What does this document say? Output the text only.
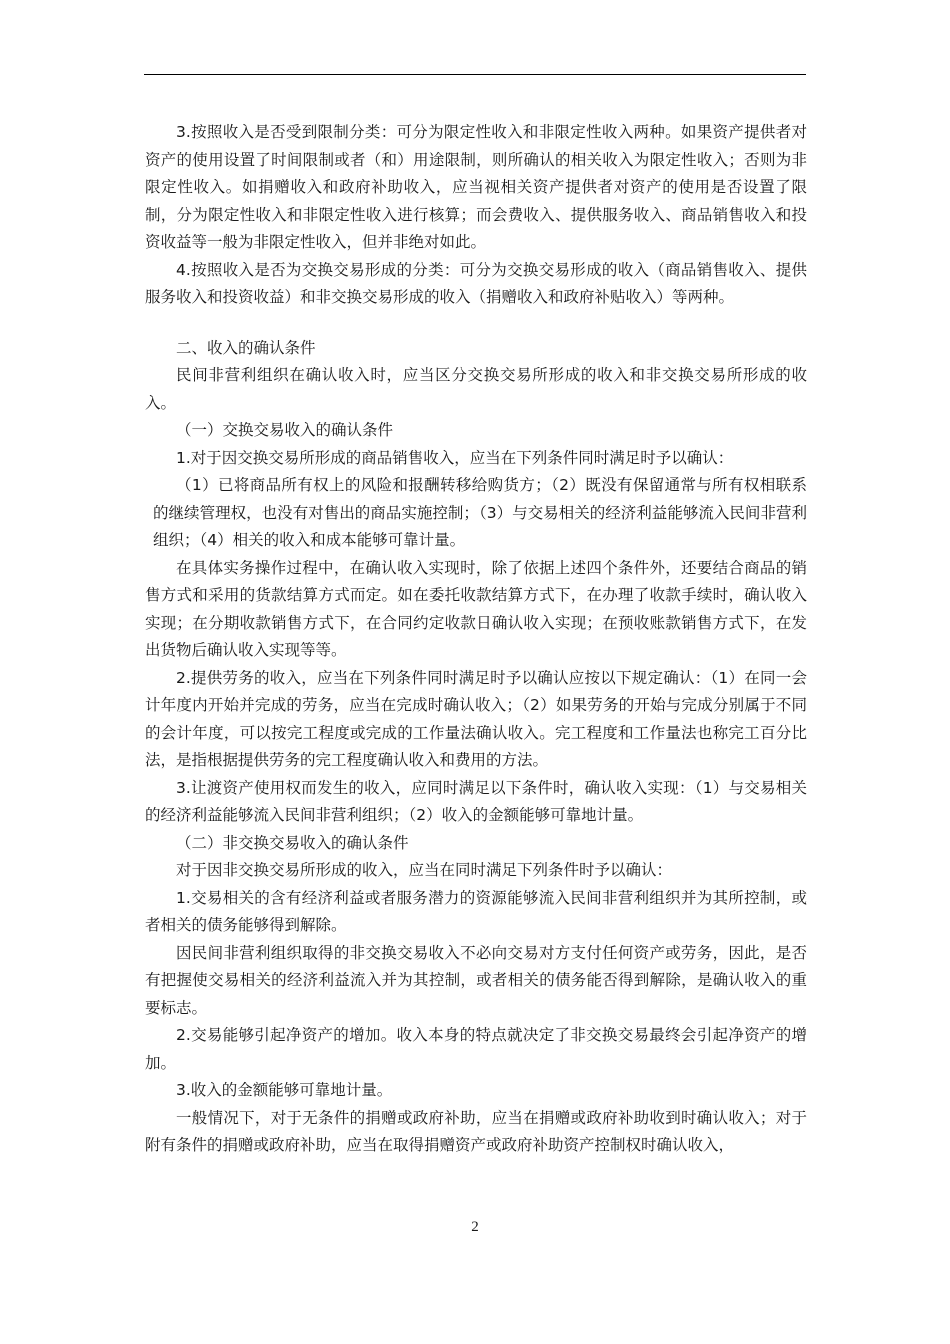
3.按照收入是否受到限制分类：可分为限定性收入和非限定性收入两种。如果资产提供者对资产的使用设置了时间限制或者（和）用途限制，则所确认的相关收入为限定性收入；否则为非限定性收入。如捐赠收入和政府补助收入，应当视相关资产提供者对资产的使用是否设置了限制，分为限定性收入和非限定性收入进行核算；而会费收入、提供服务收入、商品销售收入和投资收益等一般为非限定性收入，但并非绝对如此。

4.按照收入是否为交换交易形成的分类：可分为交换交易形成的收入（商品销售收入、提供服务收入和投资收益）和非交换交易形成的收入（捐赠收入和政府补贴收入）等两种。

二、收入的确认条件

民间非营利组织在确认收入时，应当区分交换交易所形成的收入和非交换交易所形成的收入。

（一）交换交易收入的确认条件

1.对于因交换交易所形成的商品销售收入，应当在下列条件同时满足时予以确认：

（1）已将商品所有权上的风险和报酬转移给购货方；（2）既没有保留通常与所有权相联系的继续管理权，也没有对售出的商品实施控制；（3）与交易相关的经济利益能够流入民间非营利组织；（4）相关的收入和成本能够可靠计量。

在具体实务操作过程中，在确认收入实现时，除了依据上述四个条件外，还要结合商品的销售方式和采用的货款结算方式而定。如在委托收款结算方式下，在办理了收款手续时，确认收入实现；在分期收款销售方式下，在合同约定收款日确认收入实现；在预收账款销售方式下，在发出货物后确认收入实现等等。

2.提供劳务的收入，应当在下列条件同时满足时予以确认应按以下规定确认：（1）在同一会计年度内开始并完成的劳务，应当在完成时确认收入；（2）如果劳务的开始与完成分别属于不同的会计年度，可以按完工程度或完成的工作量法确认收入。完工程度和工作量法也称完工百分比法，是指根据提供劳务的完工程度确认收入和费用的方法。

3.让渡资产使用权而发生的收入，应同时满足以下条件时，确认收入实现：（1）与交易相关的经济利益能够流入民间非营利组织；（2）收入的金额能够可靠地计量。

（二）非交换交易收入的确认条件

对于因非交换交易所形成的收入，应当在同时满足下列条件时予以确认：

1.交易相关的含有经济利益或者服务潜力的资源能够流入民间非营利组织并为其所控制，或者相关的债务能够得到解除。

因民间非营利组织取得的非交换交易收入不必向交易对方支付任何资产或劳务，因此，是否有把握使交易相关的经济利益流入并为其控制，或者相关的债务能否得到解除，是确认收入的重要标志。

2.交易能够引起净资产的增加。收入本身的特点就决定了非交换交易最终会引起净资产的增加。

3.收入的金额能够可靠地计量。

一般情况下，对于无条件的捐赠或政府补助，应当在捐赠或政府补助收到时确认收入；对于附有条件的捐赠或政府补助，应当在取得捐赠资产或政府补助资产控制权时确认收入，

2
